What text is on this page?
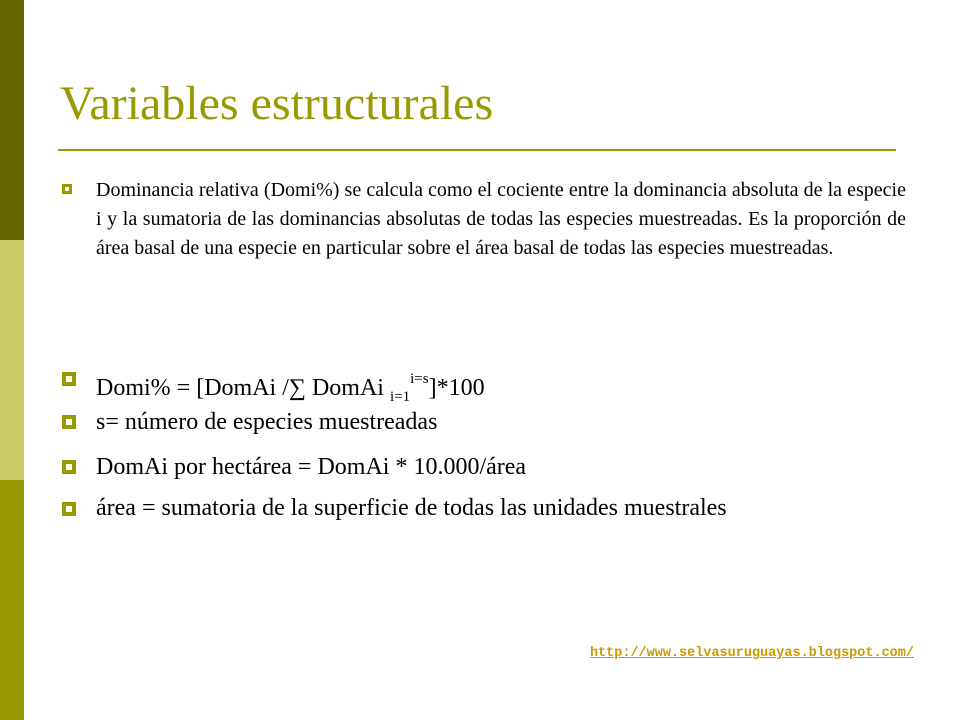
Variables estructurales

Dominancia relativa (Domi%) se calcula como el cociente entre la dominancia absoluta de la especie i y la sumatoria de las dominancias absolutas de todas las especies muestreadas. Es la proporción de área basal de una especie en particular sobre el área basal de todas las especies muestreadas.

Domi% = [DomAi /∑ DomAi $_{i=1}^{i=s}$]*100

s= número de especies muestreadas

DomAi por hectárea = DomAi * 10.000/área

área = sumatoria de la superficie de todas las unidades muestrales

http://www.selvasuruguayas.blogspot.com/
